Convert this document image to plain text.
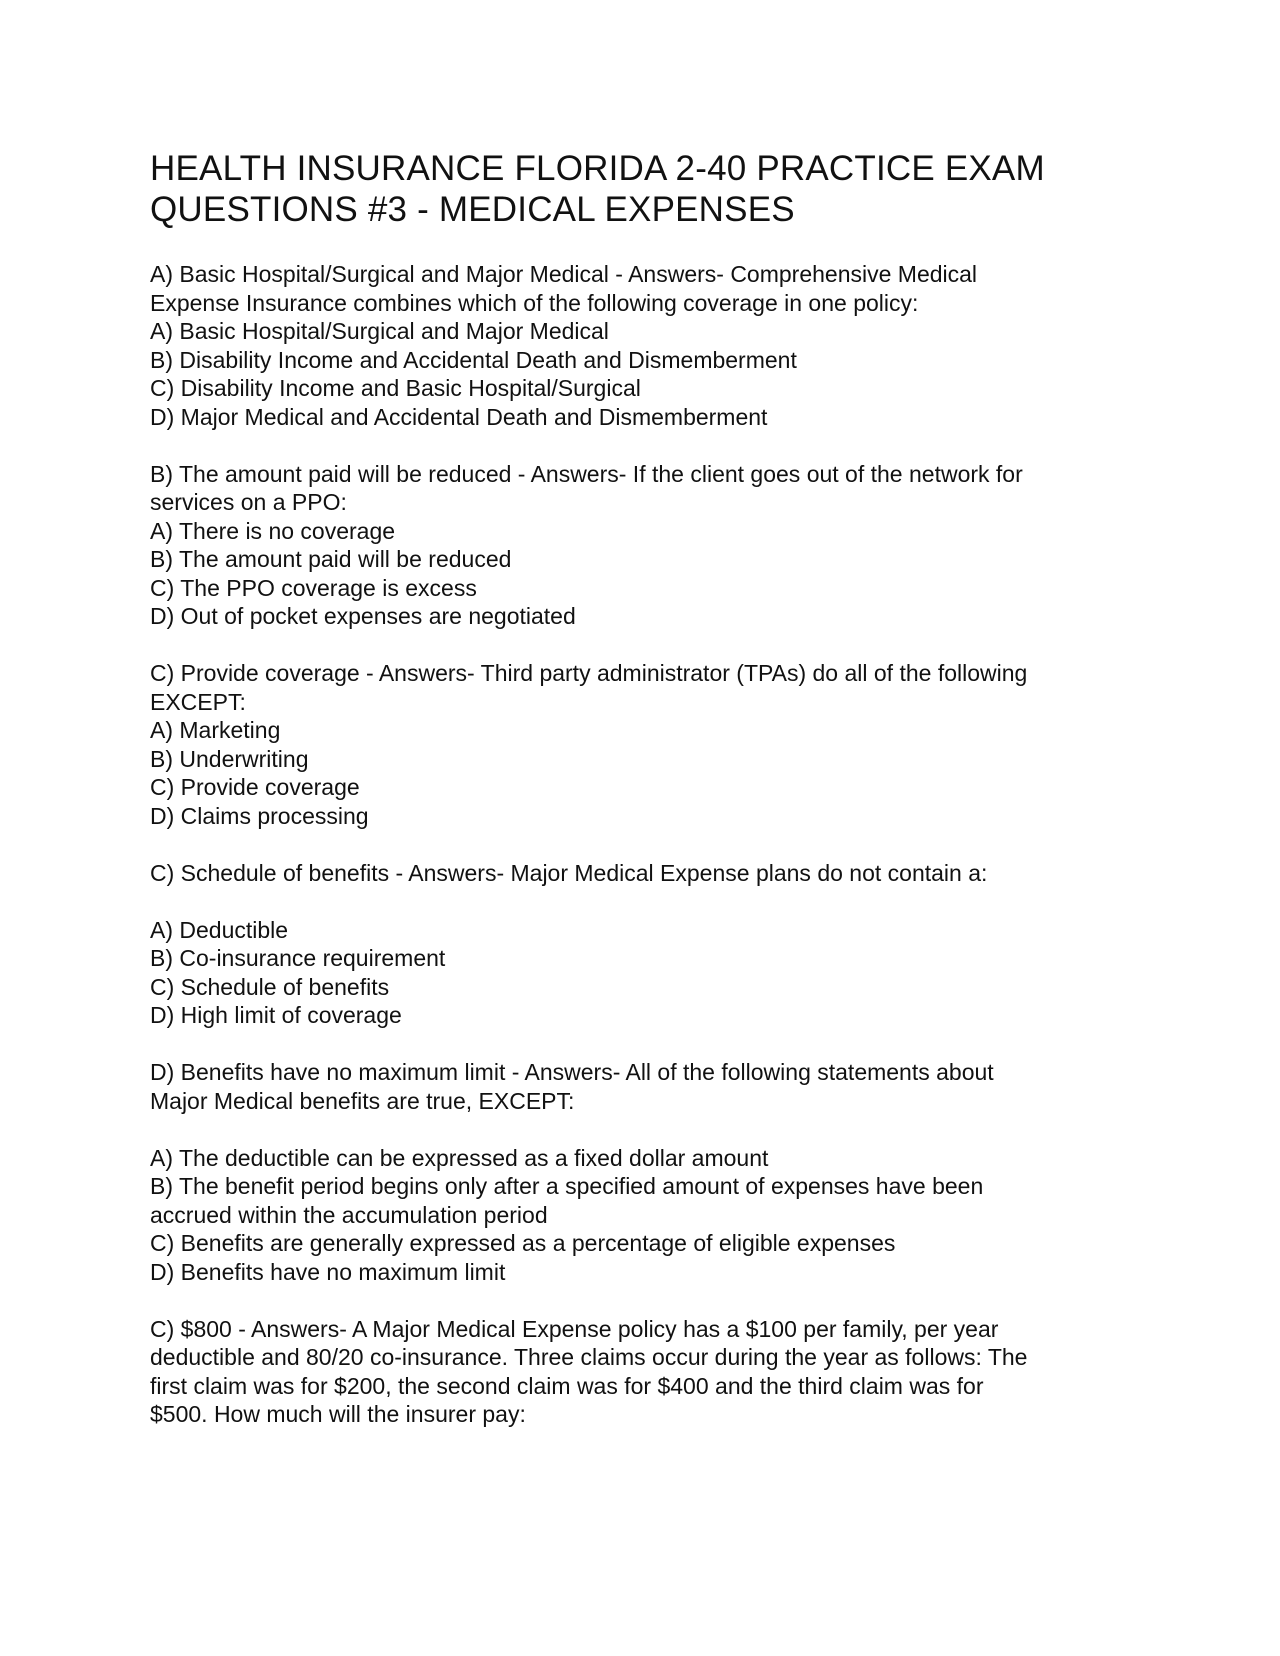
HEALTH INSURANCE FLORIDA 2-40 PRACTICE EXAM
QUESTIONS #3 - MEDICAL EXPENSES
A) Basic Hospital/Surgical and Major Medical - Answers- Comprehensive Medical
Expense Insurance combines which of the following coverage in one policy:
A) Basic Hospital/Surgical and Major Medical
B) Disability Income and Accidental Death and Dismemberment
C) Disability Income and Basic Hospital/Surgical
D) Major Medical and Accidental Death and Dismemberment
B) The amount paid will be reduced - Answers- If the client goes out of the network for
services on a PPO:
A) There is no coverage
B) The amount paid will be reduced
C) The PPO coverage is excess
D) Out of pocket expenses are negotiated
C) Provide coverage - Answers- Third party administrator (TPAs) do all of the following
EXCEPT:
A) Marketing
B) Underwriting
C) Provide coverage
D) Claims processing
C) Schedule of benefits - Answers- Major Medical Expense plans do not contain a:

A) Deductible
B) Co-insurance requirement
C) Schedule of benefits
D) High limit of coverage
D) Benefits have no maximum limit - Answers- All of the following statements about
Major Medical benefits are true, EXCEPT:

A) The deductible can be expressed as a fixed dollar amount
B) The benefit period begins only after a specified amount of expenses have been
accrued within the accumulation period
C) Benefits are generally expressed as a percentage of eligible expenses
D) Benefits have no maximum limit
C) $800 - Answers- A Major Medical Expense policy has a $100 per family, per year
deductible and 80/20 co-insurance. Three claims occur during the year as follows: The
first claim was for $200, the second claim was for $400 and the third claim was for
$500. How much will the insurer pay:
